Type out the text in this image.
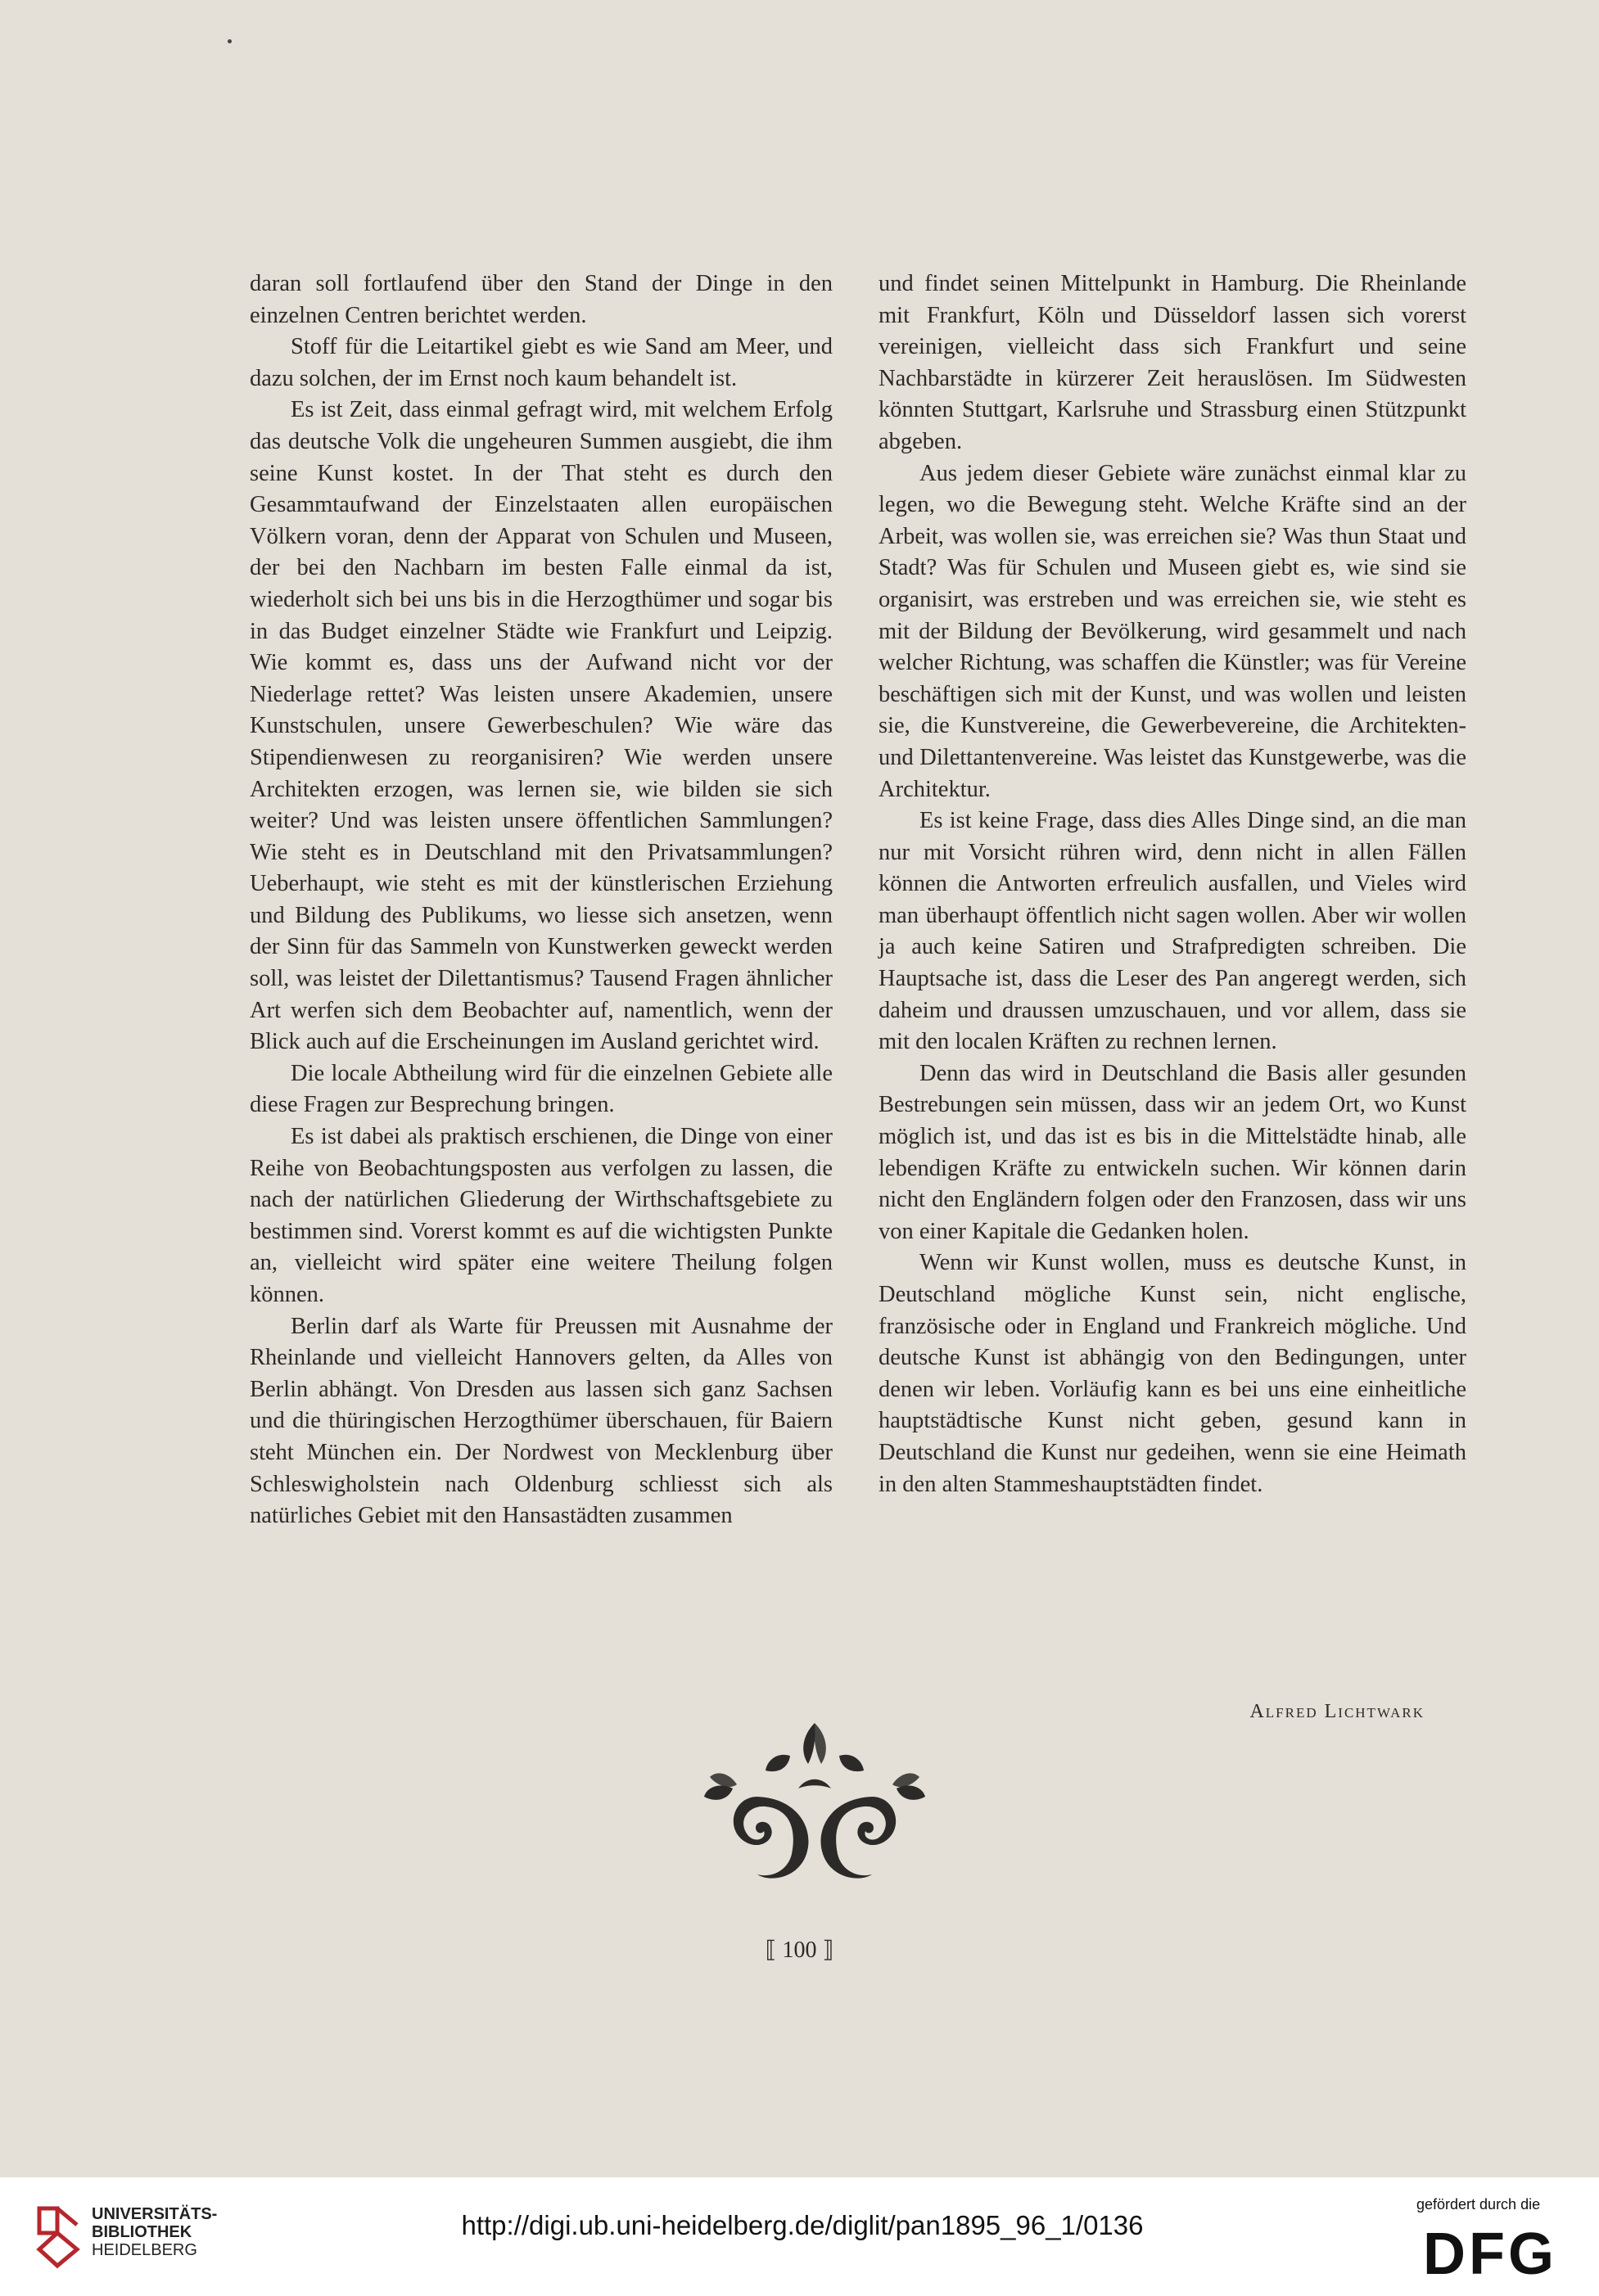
daran soll fortlaufend über den Stand der Dinge in den einzelnen Centren berichtet werden.

Stoff für die Leitartikel giebt es wie Sand am Meer, und dazu solchen, der im Ernst noch kaum behandelt ist.

Es ist Zeit, dass einmal gefragt wird, mit welchem Erfolg das deutsche Volk die ungeheuren Summen ausgiebt, die ihm seine Kunst kostet. In der That steht es durch den Gesammtaufwand der Einzelstaaten allen europäischen Völkern voran, denn der Apparat von Schulen und Museen, der bei den Nachbarn im besten Falle einmal da ist, wiederholt sich bei uns bis in die Herzogthümer und sogar bis in das Budget einzelner Städte wie Frankfurt und Leipzig. Wie kommt es, dass uns der Aufwand nicht vor der Niederlage rettet? Was leisten unsere Akademien, unsere Kunstschulen, unsere Gewerbeschulen? Wie wäre das Stipendienwesen zu reorganisiren? Wie werden unsere Architekten erzogen, was lernen sie, wie bilden sie sich weiter? Und was leisten unsere öffentlichen Sammlungen? Wie steht es in Deutschland mit den Privatsammlungen? Ueberhaupt, wie steht es mit der künstlerischen Erziehung und Bildung des Publikums, wo liesse sich ansetzen, wenn der Sinn für das Sammeln von Kunstwerken geweckt werden soll, was leistet der Dilettantismus? Tausend Fragen ähnlicher Art werfen sich dem Beobachter auf, namentlich, wenn der Blick auch auf die Erscheinungen im Ausland gerichtet wird.

Die locale Abtheilung wird für die einzelnen Gebiete alle diese Fragen zur Besprechung bringen.

Es ist dabei als praktisch erschienen, die Dinge von einer Reihe von Beobachtungsposten aus verfolgen zu lassen, die nach der natürlichen Gliederung der Wirthschaftsgebiete zu bestimmen sind. Vorerst kommt es auf die wichtigsten Punkte an, vielleicht wird später eine weitere Theilung folgen können.

Berlin darf als Warte für Preussen mit Ausnahme der Rheinlande und vielleicht Hannovers gelten, da Alles von Berlin abhängt. Von Dresden aus lassen sich ganz Sachsen und die thüringischen Herzogthümer überschauen, für Baiern steht München ein. Der Nordwest von Mecklenburg über Schleswigholstein nach Oldenburg schliesst sich als natürliches Gebiet mit den Hansastädten zusammen

und findet seinen Mittelpunkt in Hamburg. Die Rheinlande mit Frankfurt, Köln und Düsseldorf lassen sich vorerst vereinigen, vielleicht dass sich Frankfurt und seine Nachbarstädte in kürzerer Zeit herauslösen. Im Südwesten könnten Stuttgart, Karlsruhe und Strassburg einen Stützpunkt abgeben.

Aus jedem dieser Gebiete wäre zunächst einmal klar zu legen, wo die Bewegung steht. Welche Kräfte sind an der Arbeit, was wollen sie, was erreichen sie? Was thun Staat und Stadt? Was für Schulen und Museen giebt es, wie sind sie organisirt, was erstreben und was erreichen sie, wie steht es mit der Bildung der Bevölkerung, wird gesammelt und nach welcher Richtung, was schaffen die Künstler; was für Vereine beschäftigen sich mit der Kunst, und was wollen und leisten sie, die Kunstvereine, die Gewerbevereine, die Architekten- und Dilettantenvereine. Was leistet das Kunstgewerbe, was die Architektur.

Es ist keine Frage, dass dies Alles Dinge sind, an die man nur mit Vorsicht rühren wird, denn nicht in allen Fällen können die Antworten erfreulich ausfallen, und Vieles wird man überhaupt öffentlich nicht sagen wollen. Aber wir wollen ja auch keine Satiren und Strafpredigten schreiben. Die Hauptsache ist, dass die Leser des Pan angeregt werden, sich daheim und draussen umzuschauen, und vor allem, dass sie mit den localen Kräften zu rechnen lernen.

Denn das wird in Deutschland die Basis aller gesunden Bestrebungen sein müssen, dass wir an jedem Ort, wo Kunst möglich ist, und das ist es bis in die Mittelstädte hinab, alle lebendigen Kräfte zu entwickeln suchen. Wir können darin nicht den Engländern folgen oder den Franzosen, dass wir uns von einer Kapitale die Gedanken holen.

Wenn wir Kunst wollen, muss es deutsche Kunst, in Deutschland mögliche Kunst sein, nicht englische, französische oder in England und Frankreich mögliche. Und deutsche Kunst ist abhängig von den Bedingungen, unter denen wir leben. Vorläufig kann es bei uns eine einheitliche hauptstädtische Kunst nicht geben, gesund kann in Deutschland die Kunst nur gedeihen, wenn sie eine Heimath in den alten Stammeshauptstädten findet.

Alfred Lichtwark
⟦ 100 ⟧
UNIVERSITÄTS-
BIBLIOTHEK
HEIDELBERG
http://digi.ub.uni-heidelberg.de/diglit/pan1895_96_1/0136
gefördert durch die
DFG
